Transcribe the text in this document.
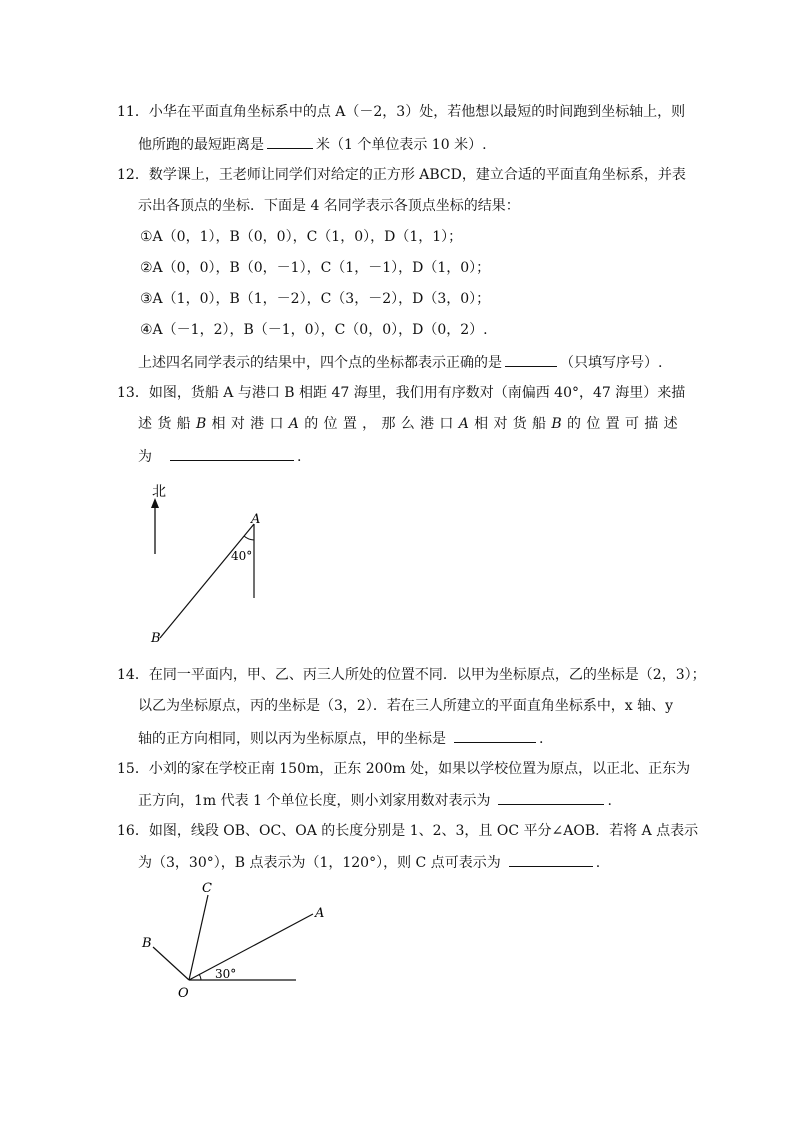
11．小华在平面直角坐标系中的点 A（－2，3）处，若他想以最短的时间跑到坐标轴上，则
他所跑的最短距离是	米（1 个单位表示 10 米）.
12．数学课上，王老师让同学们对给定的正方形 ABCD，建立合适的平面直角坐标系，并表
示出各顶点的坐标．下面是 4 名同学表示各顶点坐标的结果：
①A（0，1），B（0，0），C（1，0），D（1，1）；
②A（0，0），B（0，－1），C（1，－1），D（1，0）；
③A（1，0），B（1，－2），C（3，－2），D（3，0）；
④A（－1，2），B（－1，0），C（0，0），D（0，2）.
上述四名同学表示的结果中，四个点的坐标都表示正确的是	（只填写序号）.
13．如图，货船 A 与港口 B 相距 47 海里，我们用有序数对（南偏西 40°，47 海里）来描
述 货 船 B 相 对 港 口 A 的 位 置 ， 那 么 港 口 A 相 对 货 船 B 的 位 置 可 描 述
为	.
北
A
40°
B
14．在同一平面内，甲、乙、丙三人所处的位置不同．以甲为坐标原点，乙的坐标是（2，3）；
以乙为坐标原点，丙的坐标是（3，2）．若在三人所建立的平面直角坐标系中，x 轴、y
轴的正方向相同，则以丙为坐标原点，甲的坐标是	.
15．小刘的家在学校正南 150m，正东 200m 处，如果以学校位置为原点，以正北、正东为
正方向，1m 代表 1 个单位长度，则小刘家用数对表示为	.
16．如图，线段 OB、OC、OA 的长度分别是 1、2、3，且 OC 平分∠AOB．若将 A 点表示
为（3，30°），B 点表示为（1，120°），则 C 点可表示为	.
C
A
B
O
30°
